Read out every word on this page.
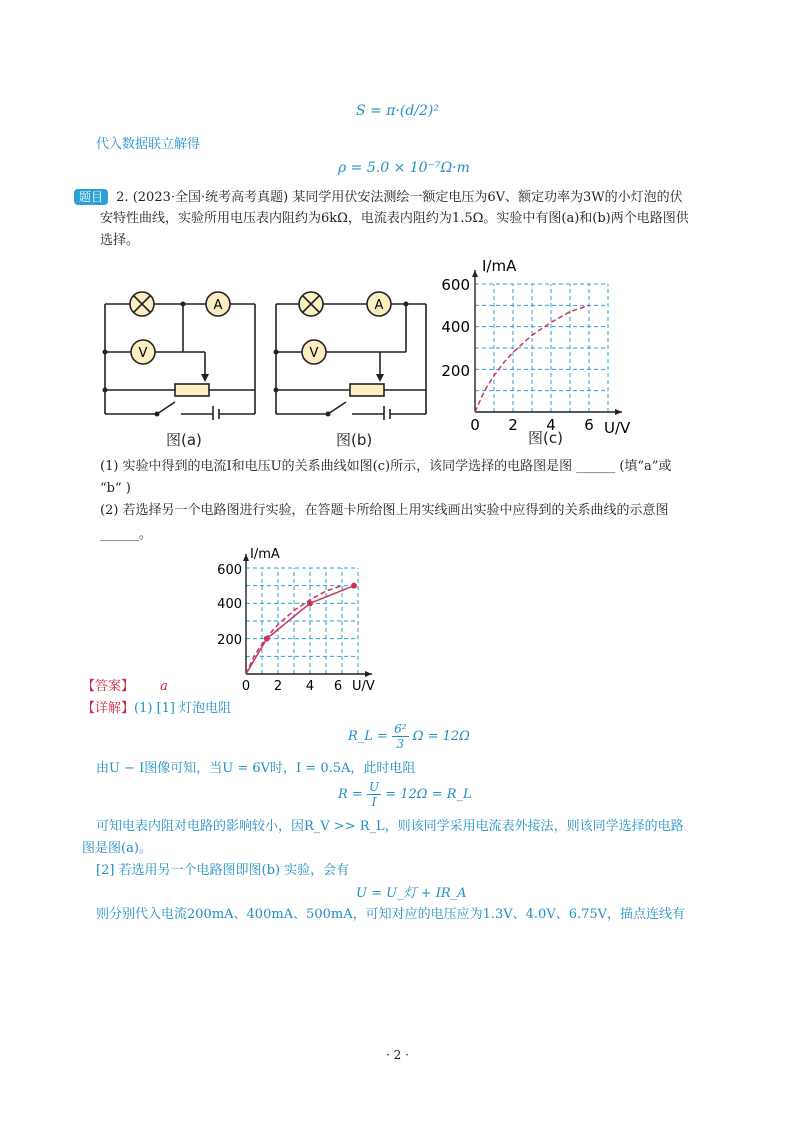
S = π·(d/2)²
代入数据联立解得
ρ = 5.0 × 10⁻⁷Ω·m
题目 2. (2023·全国·统考高考真题) 某同学用伏安法测绘一额定电压为6V、额定功率为3W的小灯泡的伏
安特性曲线，实验所用电压表内阻约为6kΩ，电流表内阻约为1.5Ω。实验中有图(a)和(b)两个电路图供
选择。
A
V
图(a)
A
V
图(b)
I/mA
U/V
600
400
200
0 2 4 6
图(c)
(1) 实验中得到的电流I和电压U的关系曲线如图(c)所示，该同学选择的电路图是图 ______ (填“a”或
“b” )
(2) 若选择另一个电路图进行实验，在答题卡所给图上用实线画出实验中应得到的关系曲线的示意图
______。
I/mA
U/V
600
400
200
0 2 4 6
【答案】 a
【详解】(1) [1] 灯泡电阻
R_L = $\frac{\text{6²}}{3}$ Ω = 12Ω
由U − I图像可知，当U = 6V时，I = 0.5A，此时电阻
$R = \frac{U}{I} = 12\Omega$ = R_L
可知电表内阻对电路的影响较小，因R_V >> R_L，则该同学采用电流表外接法，则该同学选择的电路
图是图(a)。
[2] 若选用另一个电路图即图(b) 实验，会有
U = U_灯 + IR_A
则分别代入电流200mA、400mA、500mA，可知对应的电压应为1.3V、4.0V、6.75V，描点连线有
· 2 ·
